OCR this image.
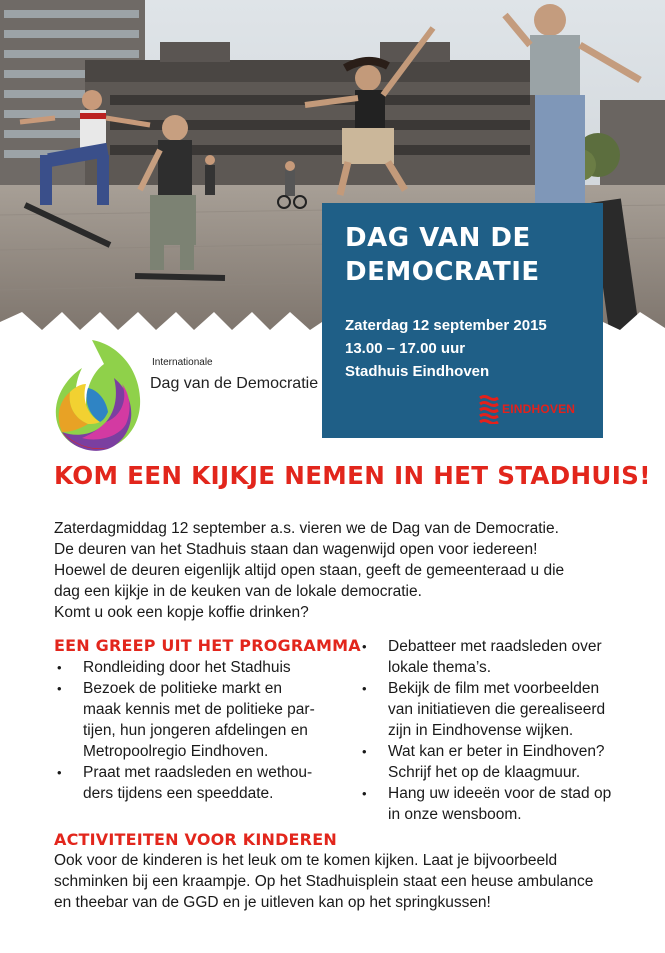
DAG VAN DE
DEMOCRATIE
Zaterdag 12 september 2015
13.00 – 17.00 uur
Stadhuis Eindhoven
EINDHOVEN
Internationale
Dag van de Democratie
KOM EEN KIJKJE NEMEN IN HET STADHUIS!

Zaterdagmiddag 12 september a.s. vieren we de Dag van de Democratie.
De deuren van het Stadhuis staan dan wagenwijd open voor iedereen!
Hoewel de deuren eigenlijk altijd open staan, geeft de gemeenteraad u die
dag een kijkje in de keuken van de lokale democratie.
Komt u ook een kopje koffie drinken?

EEN GREEP UIT HET PROGRAMMA
• Rondleiding door het Stadhuis
• Bezoek de politieke markt en
maak kennis met de politieke par-
tijen, hun jongeren afdelingen en
Metropoolregio Eindhoven.
• Praat met raadsleden en wethou-
ders tijdens een speeddate.
• Debatteer met raadsleden over
lokale thema’s.
• Bekijk de film met voorbeelden
van initiatieven die gerealiseerd
zijn in Eindhovense wijken.
• Wat kan er beter in Eindhoven?
Schrijf het op de klaagmuur.
• Hang uw ideeën voor de stad op
in onze wensboom.
ACTIVITEITEN VOOR KINDEREN

Ook voor de kinderen is het leuk om te komen kijken. Laat je bijvoorbeeld
schminken bij een kraampje. Op het Stadhuisplein staat een heuse ambulance
en theebar van de GGD en je uitleven kan op het springkussen!
